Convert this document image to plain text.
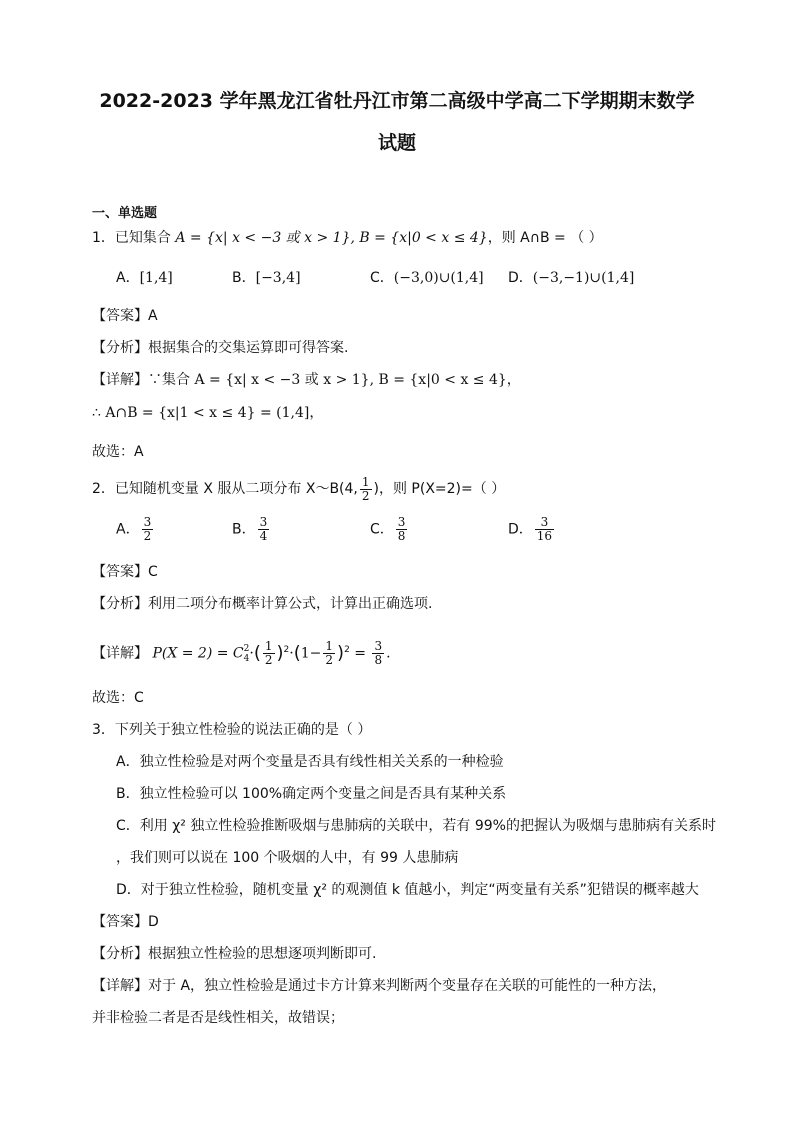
2022-2023 学年黑龙江省牡丹江市第二高级中学高二下学期期末数学
试题
一、单选题
1．已知集合 A = {x| x < −3 或 x > 1}, B = {x|0 < x ≤ 4}，则 A∩B = （ ）
A．[1,4]	B．[−3,4]	C．(−3,0)∪(1,4] D．(−3,−1)∪(1,4]
【答案】A
【分析】根据集合的交集运算即可得答案.
【详解】∵集合 A = {x| x < −3 或 x > 1}, B = {x|0 < x ≤ 4}，
∴ A∩B = {x|1 < x ≤ 4} = (1,4]，
故选：A
2．已知随机变量 X 服从二项分布 X～B(4, $\frac{1}{2}$ )，则 P(X=2)=（ ）
A． $\frac{3}{2}$	B． $\frac{3}{4}$	C． $\frac{3}{8}$	D． $\frac{3}{16}$
【答案】C
【分析】利用二项分布概率计算公式，计算出正确选项.
【详解】 P(X = 2) = C 2
4 ·( $\frac{1}{2} )^2\cdot(1- \frac{1}{2} )^2 = \frac{3}{8}$ .
故选：C
3．下列关于独立性检验的说法正确的是（ ）
A．独立性检验是对两个变量是否具有线性相关关系的一种检验
B．独立性检验可以 100%确定两个变量之间是否具有某种关系
C．利用 χ² 独立性检验推断吸烟与患肺病的关联中，若有 99%的把握认为吸烟与患肺病有关系时
，我们则可以说在 100 个吸烟的人中，有 99 人患肺病
D．对于独立性检验，随机变量 χ² 的观测值 k 值越小，判定“两变量有关系”犯错误的概率越大
【答案】D
【分析】根据独立性检验的思想逐项判断即可.
【详解】对于 A，独立性检验是通过卡方计算来判断两个变量存在关联的可能性的一种方法，
并非检验二者是否是线性相关，故错误；
